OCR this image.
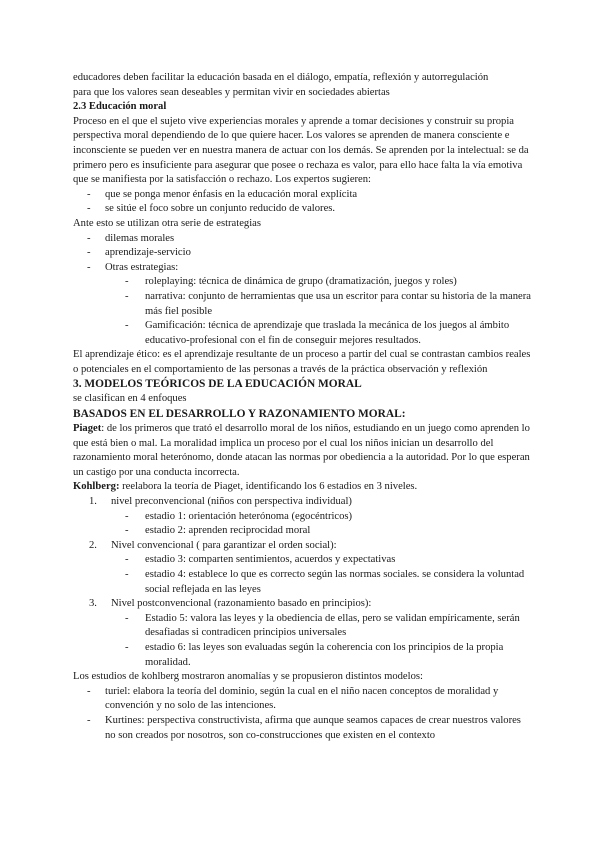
educadores deben facilitar la educación basada en el diálogo, empatía, reflexión y autorregulación

para que los valores sean deseables y permitan vivir en sociedades abiertas

2.3 Educación moral

Proceso en el que el sujeto vive experiencias morales y aprende a tomar decisiones y construir su propia perspectiva moral dependiendo de lo que quiere hacer. Los valores se aprenden de manera consciente e inconsciente se pueden ver en nuestra manera de actuar con los demás. Se aprenden por la intelectual: se da primero pero es insuficiente para asegurar que posee o rechaza es valor, para ello hace falta la vía emotiva que se manifiesta por la satisfacción o rechazo. Los expertos sugieren:

-	que se ponga menor énfasis en la educación moral explícita
-	se sitúe el foco sobre un conjunto reducido de valores.

Ante esto se utilizan otra serie de estrategias

-	dilemas morales
-	aprendizaje-servicio
-	Otras estrategias:
-	roleplaying: técnica de dinámica de grupo (dramatización, juegos y roles)
-	narrativa: conjunto de herramientas que usa un escritor para contar su historia de la manera más fiel posible
-	Gamificación: técnica de aprendizaje que traslada la mecánica de los juegos al ámbito educativo-profesional con el fin de conseguir mejores resultados.

El aprendizaje ético: es el aprendizaje resultante de un proceso a partir del cual se contrastan cambios reales o potenciales en el comportamiento de las personas a través de la práctica observación y reflexión

3. MODELOS TEÓRICOS DE LA EDUCACIÓN MORAL

se clasifican en 4 enfoques

BASADOS EN EL DESARROLLO Y RAZONAMIENTO MORAL:

Piaget: de los primeros que trató el desarrollo moral de los niños, estudiando en un juego como aprenden lo que está bien o mal. La moralidad implica un proceso por el cual los niños inician un desarrollo del razonamiento moral heterónomo, donde atacan las normas por obediencia a la autoridad. Por lo que esperan un castigo por una conducta incorrecta.

Kohlberg: reelabora la teoría de Piaget, identificando los 6 estadios en 3 niveles.

1.	nivel preconvencional (niños con perspectiva individual)
-	estadio 1: orientación heterónoma (egocéntricos)
-	estadio 2: aprenden reciprocidad moral
2.	Nivel convencional ( para garantizar el orden social):
-	estadio 3: comparten sentimientos, acuerdos y expectativas
-	estadio 4: establece lo que es correcto según las normas sociales. se considera la voluntad social reflejada en las leyes
3.	Nivel postconvencional (razonamiento basado en principios):
-	Estadio 5: valora las leyes y la obediencia de ellas, pero se validan empíricamente, serán desafiadas si contradicen principios universales
-	estadio 6: las leyes son evaluadas según la coherencia con los principios de la propia moralidad.

Los estudios de kohlberg mostraron anomalías y se propusieron distintos modelos:

-	turiel: elabora la teoría del dominio, según la cual en el niño nacen conceptos de moralidad y convención y no solo de las intenciones.
-	Kurtines: perspectiva constructivista, afirma que aunque seamos capaces de crear nuestros valores no son creados por nosotros, son co-construcciones que existen en el contexto
